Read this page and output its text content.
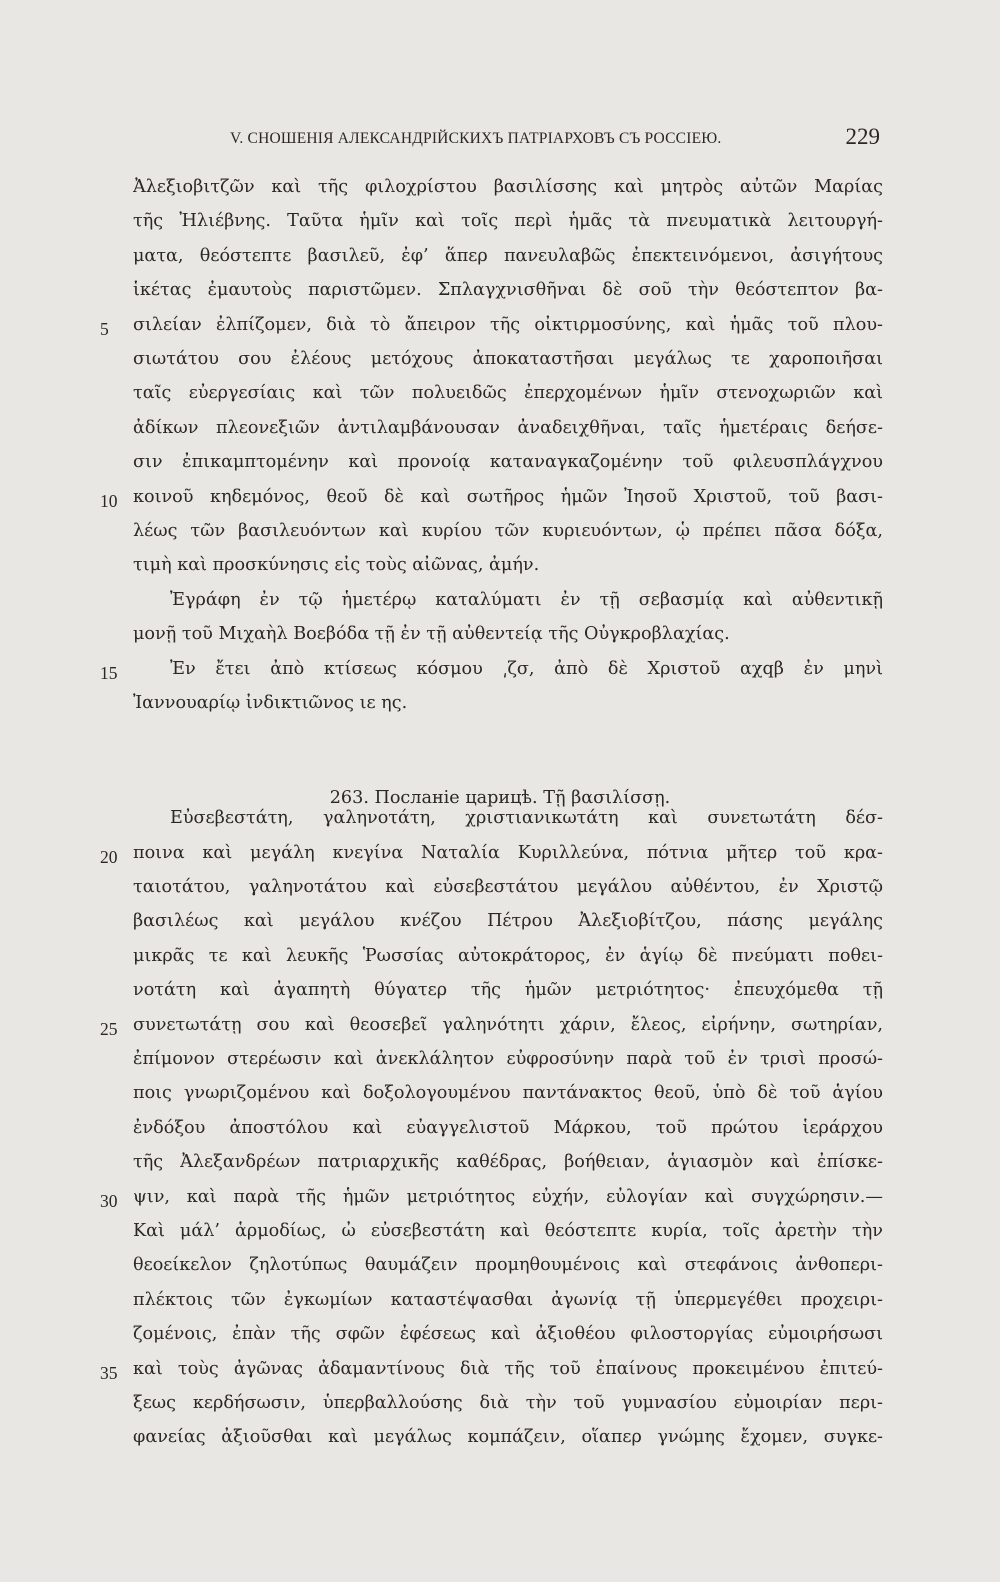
V. СНОШЕНІЯ АЛЕКСАНДРІЙСКИХЪ ПАТРІАРХОВЪ СЪ РОССІЕЮ.	229
Ἀλεξιοβιτζῶν καὶ τῆς φιλοχρίστου βασιλίσσης καὶ μητρὸς αὐτῶν Μαρίας
τῆς Ἠλιέβνης. Ταῦτα ἡμῖν καὶ τοῖς περὶ ἡμᾶς τὰ πνευματικὰ λειτουργή-
ματα, θεόστεπτε βασιλεῦ, ἐφ’ ἅπερ πανευλαβῶς ἐπεκτεινόμενοι, ἀσιγήτους
ἱκέτας ἐμαυτοὺς παριστῶμεν. Σπλαγχνισθῆναι δὲ σοῦ τὴν θεόστεπτον βα-
5	σιλείαν ἐλπίζομεν, διὰ τὸ ἄπειρον τῆς οἰκτιρμοσύνης, καὶ ἡμᾶς τοῦ πλου-
σιωτάτου σου ἐλέους μετόχους ἀποκαταστῆσαι μεγάλως τε χαροποιῆσαι
ταῖς εὐεργεσίαις καὶ τῶν πολυειδῶς ἐπερχομένων ἡμῖν στενοχωριῶν καὶ
ἀδίκων πλεονεξιῶν ἀντιλαμβάνουσαν ἀναδειχθῆναι, ταῖς ἡμετέραις δεήσε-
σιν ἐπικαμπτομένην καὶ προνοίᾳ καταναγκαζομένην τοῦ φιλευσπλάγχνου
10 κοινοῦ κηδεμόνος, θεοῦ δὲ καὶ σωτῆρος ἡμῶν Ἰησοῦ Χριστοῦ, τοῦ βασι-
λέως τῶν βασιλευόντων καὶ κυρίου τῶν κυριευόντων, ᾧ πρέπει πᾶσα δόξα,
τιμὴ καὶ προσκύνησις εἰς τοὺς αἰῶνας, ἀμήν.
Ἐγράφη ἐν τῷ ἡμετέρῳ καταλύματι ἐν τῇ σεβασμίᾳ καὶ αὐθεντικῇ
μονῇ τοῦ Μιχαὴλ Βοεβόδα τῇ ἐν τῇ αὐθεντείᾳ τῆς Οὐγκροβλαχίας.
15	Ἐν ἔτει ἀπὸ κτίσεως κόσμου ͵ζσ, ἀπὸ δὲ Χριστοῦ αχqβ ἐν μηνὶ
Ἰαννουαρίῳ ἰνδικτιῶνος ιε ης.
Εὐσεβεστάτη, γαληνοτάτη, χριστιανικωτάτη καὶ συνετωτάτη δέσ-
20 ποινα καὶ μεγάλη κνεγίνα Ναταλία Κυριλλεύνα, πότνια μῆτερ τοῦ κρα-
ταιοτάτου, γαληνοτάτου καὶ εὐσεβεστάτου μεγάλου αὐθέντου, ἐν Χριστῷ
βασιλέως καὶ μεγάλου κνέζου Πέτρου Ἀλεξιοβίτζου, πάσης μεγάλης
μικρᾶς τε καὶ λευκῆς Ῥωσσίας αὐτοκράτορος, ἐν ἁγίῳ δὲ πνεύματι ποθει-
νοτάτη καὶ ἀγαπητὴ θύγατερ τῆς ἡμῶν μετριότητος· ἐπευχόμεθα τῇ
25 συνετωτάτῃ σου καὶ θεοσεβεῖ γαληνότητι χάριν, ἔλεος, εἰρήνην, σωτηρίαν,
ἐπίμονον στερέωσιν καὶ ἀνεκλάλητον εὐφροσύνην παρὰ τοῦ ἐν τρισὶ προσώ-
ποις γνωριζομένου καὶ δοξολογουμένου παντάνακτος θεοῦ, ὑπὸ δὲ τοῦ ἁγίου
ἐνδόξου ἀποστόλου καὶ εὐαγγελιστοῦ Μάρκου, τοῦ πρώτου ἱεράρχου
τῆς Ἀλεξανδρέων πατριαρχικῆς καθέδρας, βοήθειαν, ἁγιασμὸν καὶ ἐπίσκε-
30 ψιν, καὶ παρὰ τῆς ἡμῶν μετριότητος εὐχήν, εὐλογίαν καὶ συγχώρησιν.—
Καὶ μάλ’ ἁρμοδίως, ὦ εὐσεβεστάτη καὶ θεόστεπτε κυρία, τοῖς ἀρετὴν τὴν
θεοείκελον ζηλοτύπως θαυμάζειν προμηθουμένοις καὶ στεφάνοις ἀνθοπερι-
πλέκτοις τῶν ἐγκωμίων καταστέψασθαι ἀγωνίᾳ τῇ ὑπερμεγέθει προχειρι-
ζομένοις, ἐπὰν τῆς σφῶν ἐφέσεως καὶ ἀξιοθέου φιλοστοργίας εὐμοιρήσωσι
35 καὶ τοὺς ἀγῶνας ἀδαμαντίνους διὰ τῆς τοῦ ἐπαίνους προκειμένου ἐπιτεύ-
ξεως κερδήσωσιν, ὑπερβαλλούσης διὰ τὴν τοῦ γυμνασίου εὐμοιρίαν περι-
φανείας ἀξιοῦσθαι καὶ μεγάλως κομπάζειν, οἵαπερ γνώμης ἔχομεν, συγκε-
263. Посланіе царицѣ. Τῇ βασιλίσσῃ.
